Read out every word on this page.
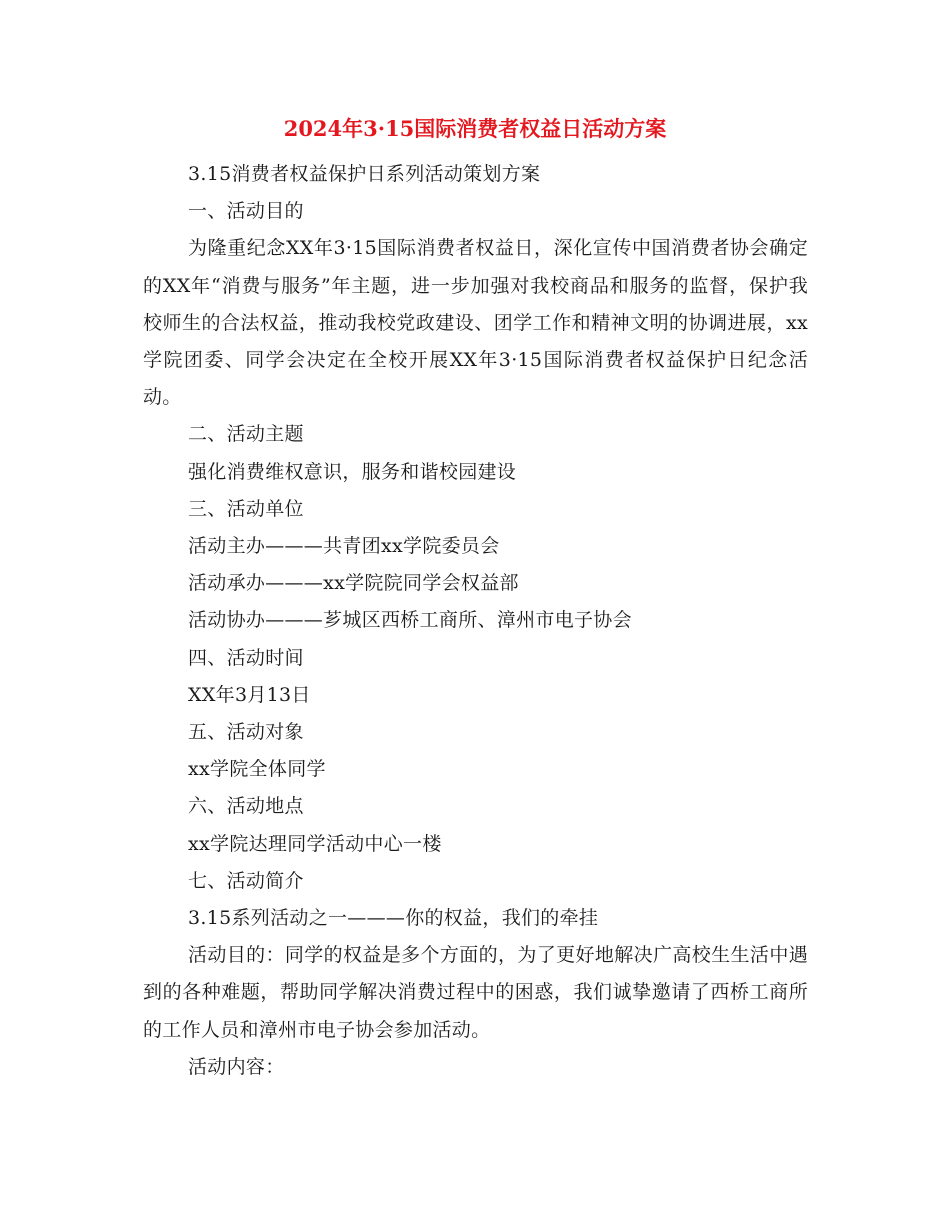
2024年3·15国际消费者权益日活动方案

3.15消费者权益保护日系列活动策划方案

一、活动目的

为隆重纪念XX年3·15国际消费者权益日，深化宣传中国消费者协会确定的XX年“消费与服务”年主题，进一步加强对我校商品和服务的监督，保护我校师生的合法权益，推动我校党政建设、团学工作和精神文明的协调进展，xx学院团委、同学会决定在全校开展XX年3·15国际消费者权益保护日纪念活动。

二、活动主题

强化消费维权意识，服务和谐校园建设

三、活动单位

活动主办———共青团xx学院委员会

活动承办———xx学院院同学会权益部

活动协办———芗城区西桥工商所、漳州市电子协会

四、活动时间

XX年3月13日

五、活动对象

xx学院全体同学

六、活动地点

xx学院达理同学活动中心一楼

七、活动简介

3.15系列活动之一———你的权益，我们的牵挂

活动目的：同学的权益是多个方面的，为了更好地解决广高校生生活中遇到的各种难题，帮助同学解决消费过程中的困惑，我们诚挚邀请了西桥工商所的工作人员和漳州市电子协会参加活动。

活动内容：
